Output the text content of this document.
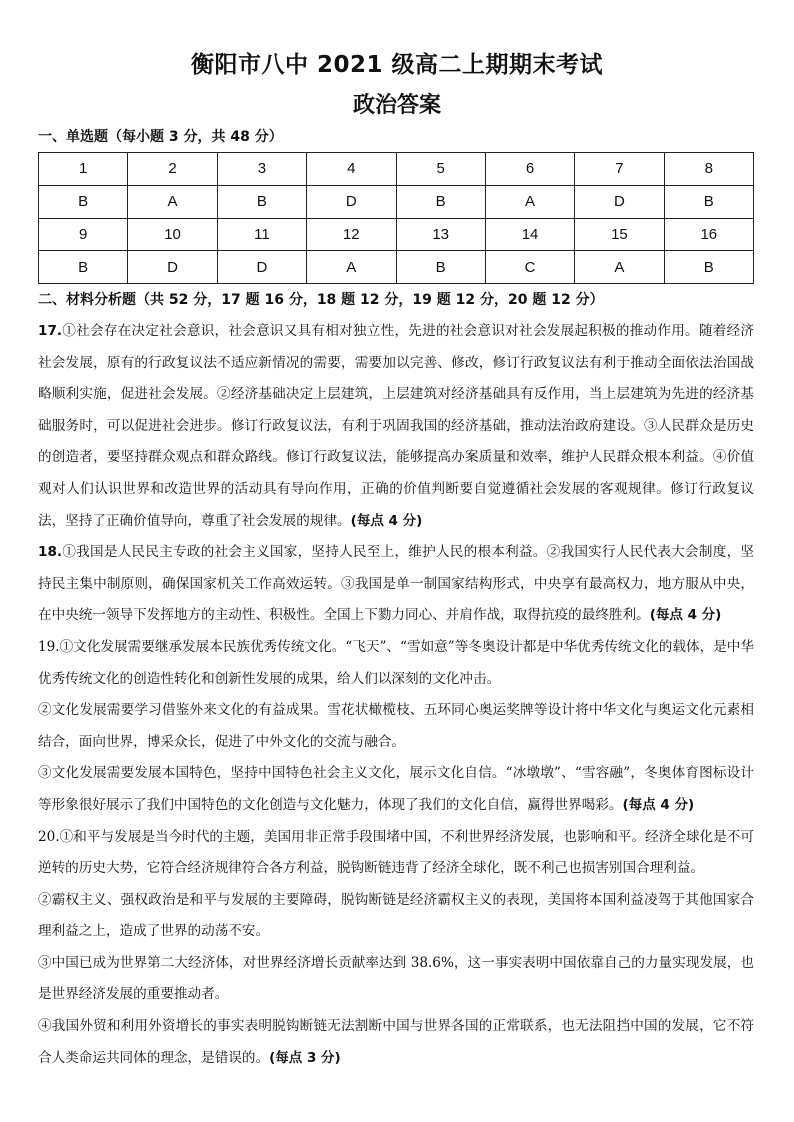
衡阳市八中 2021 级高二上期期末考试
政治答案
一、单选题（每小题 3 分，共 48 分）
1	2	3	4	5	6	7	8
B	A	B	D	B	A	D	B
9	10	11	12	13	14	15	16
B	D	D	A	B	C	A	B
二、材料分析题（共 52 分，17 题 16 分，18 题 12 分，19 题 12 分，20 题 12 分）

17.①社会存在决定社会意识，社会意识又具有相对独立性，先进的社会意识对社会发展起积极的推动作用。随着经济社会发展，原有的行政复议法不适应新情况的需要，需要加以完善、修改，修订行政复议法有利于推动全面依法治国战略顺利实施，促进社会发展。②经济基础决定上层建筑，上层建筑对经济基础具有反作用，当上层建筑为先进的经济基础服务时，可以促进社会进步。修订行政复议法，有利于巩固我国的经济基础，推动法治政府建设。③人民群众是历史的创造者，要坚持群众观点和群众路线。修订行政复议法，能够提高办案质量和效率，维护人民群众根本利益。④价值观对人们认识世界和改造世界的活动具有导向作用，正确的价值判断要自觉遵循社会发展的客观规律。修订行政复议法，坚持了正确价值导向，尊重了社会发展的规律。(每点 4 分)

18.①我国是人民民主专政的社会主义国家，坚持人民至上，维护人民的根本利益。②我国实行人民代表大会制度，坚持民主集中制原则，确保国家机关工作高效运转。③我国是单一制国家结构形式，中央享有最高权力，地方服从中央，在中央统一领导下发挥地方的主动性、积极性。全国上下勠力同心、并肩作战，取得抗疫的最终胜利。(每点 4 分)

19.①文化发展需要继承发展本民族优秀传统文化。“飞天”、“雪如意”等冬奥设计都是中华优秀传统文化的载体，是中华优秀传统文化的创造性转化和创新性发展的成果，给人们以深刻的文化冲击。

②文化发展需要学习借鉴外来文化的有益成果。雪花状橄榄枝、五环同心奥运奖牌等设计将中华文化与奥运文化元素相结合，面向世界，博采众长，促进了中外文化的交流与融合。

③文化发展需要发展本国特色，坚持中国特色社会主义文化，展示文化自信。“冰墩墩”、“雪容融”，冬奥体育图标设计等形象很好展示了我们中国特色的文化创造与文化魅力，体现了我们的文化自信，赢得世界喝彩。(每点 4 分)

20.①和平与发展是当今时代的主题，美国用非正常手段围堵中国，不利世界经济发展，也影响和平。经济全球化是不可逆转的历史大势，它符合经济规律符合各方利益，脱钩断链违背了经济全球化，既不利己也损害别国合理利益。

②霸权主义、强权政治是和平与发展的主要障碍，脱钩断链是经济霸权主义的表现，美国将本国利益凌驾于其他国家合理利益之上，造成了世界的动荡不安。

③中国已成为世界第二大经济体，对世界经济增长贡献率达到 38.6%，这一事实表明中国依靠自己的力量实现发展，也是世界经济发展的重要推动者。

④我国外贸和利用外资增长的事实表明脱钩断链无法割断中国与世界各国的正常联系，也无法阻挡中国的发展，它不符合人类命运共同体的理念，是错误的。(每点 3 分)
